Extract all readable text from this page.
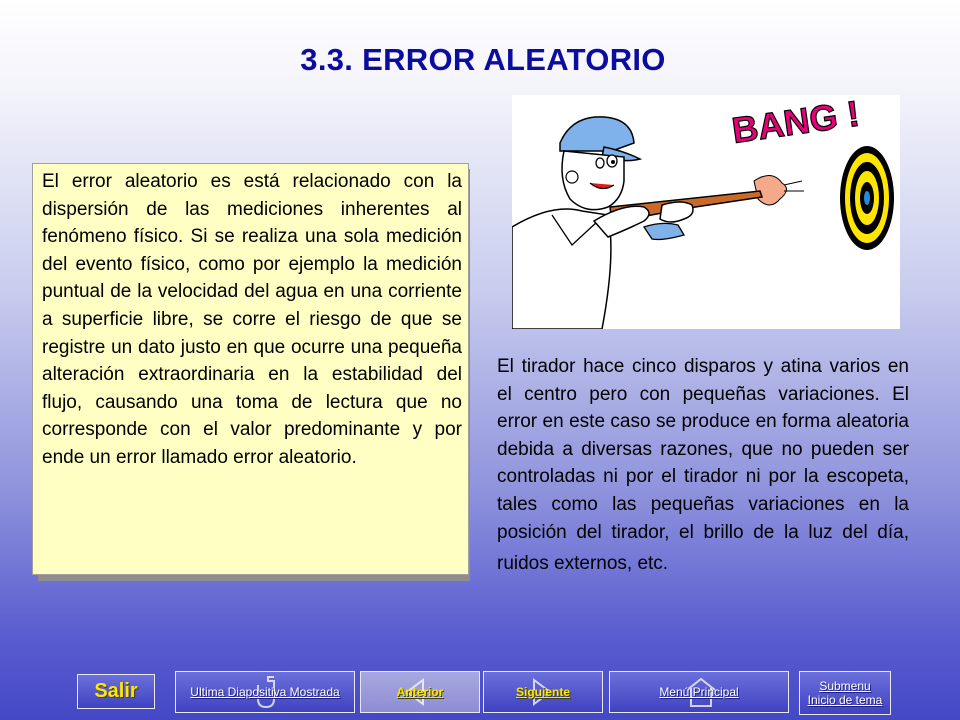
3.3. ERROR ALEATORIO
El error aleatorio es está relacionado con la dispersión de las mediciones inherentes al fenómeno físico. Si se realiza una sola medición del evento físico, como por ejemplo la medición puntual de la velocidad del agua en una corriente a superficie libre, se corre el riesgo de que se registre un dato justo en que ocurre una pequeña alteración extraordinaria en la estabilidad del flujo, causando una toma de lectura que no corresponde con el valor predominante y por ende un error llamado error aleatorio.
BANG !
El tirador hace cinco disparos y atina varios en el centro pero con pequeñas variaciones. El error en este caso se produce en forma aleatoria debida a diversas razones, que no pueden ser controladas ni por el tirador ni por la escopeta, tales como las pequeñas variaciones en la posición del tirador, el brillo de la luz del día, ruidos externos, etc.
Salir	Ultima Diapositiva Mostrada	Anterior	Siguiente	Menú Principal	Submenu
Inicio de tema
